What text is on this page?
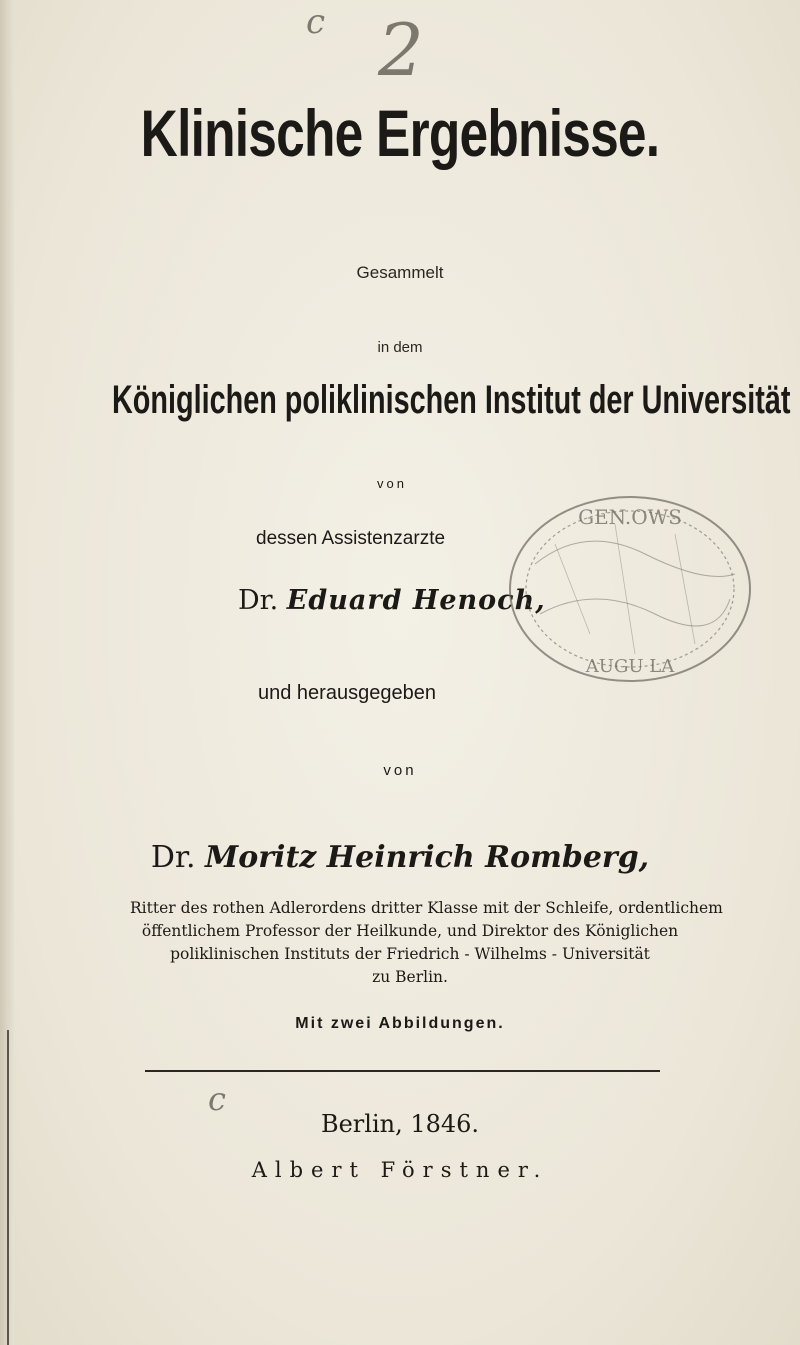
c 2
Klinische Ergebnisse.
Gesammelt
in dem
Königlichen poliklinischen Institut der Universität
von
dessen Assistenzarzte
Dr. Eduard Henoch,
und herausgegeben
GEN.OWS
AUGU LA
von
Dr. Moritz Heinrich Romberg,
Ritter des rothen Adlerordens dritter Klasse mit der Schleife, ordentlichem
öffentlichem Professor der Heilkunde, und Direktor des Königlichen
poliklinischen Instituts der Friedrich - Wilhelms - Universität
zu Berlin.
Mit zwei Abbildungen.
c
Berlin, 1846.
Albert Förstner.
